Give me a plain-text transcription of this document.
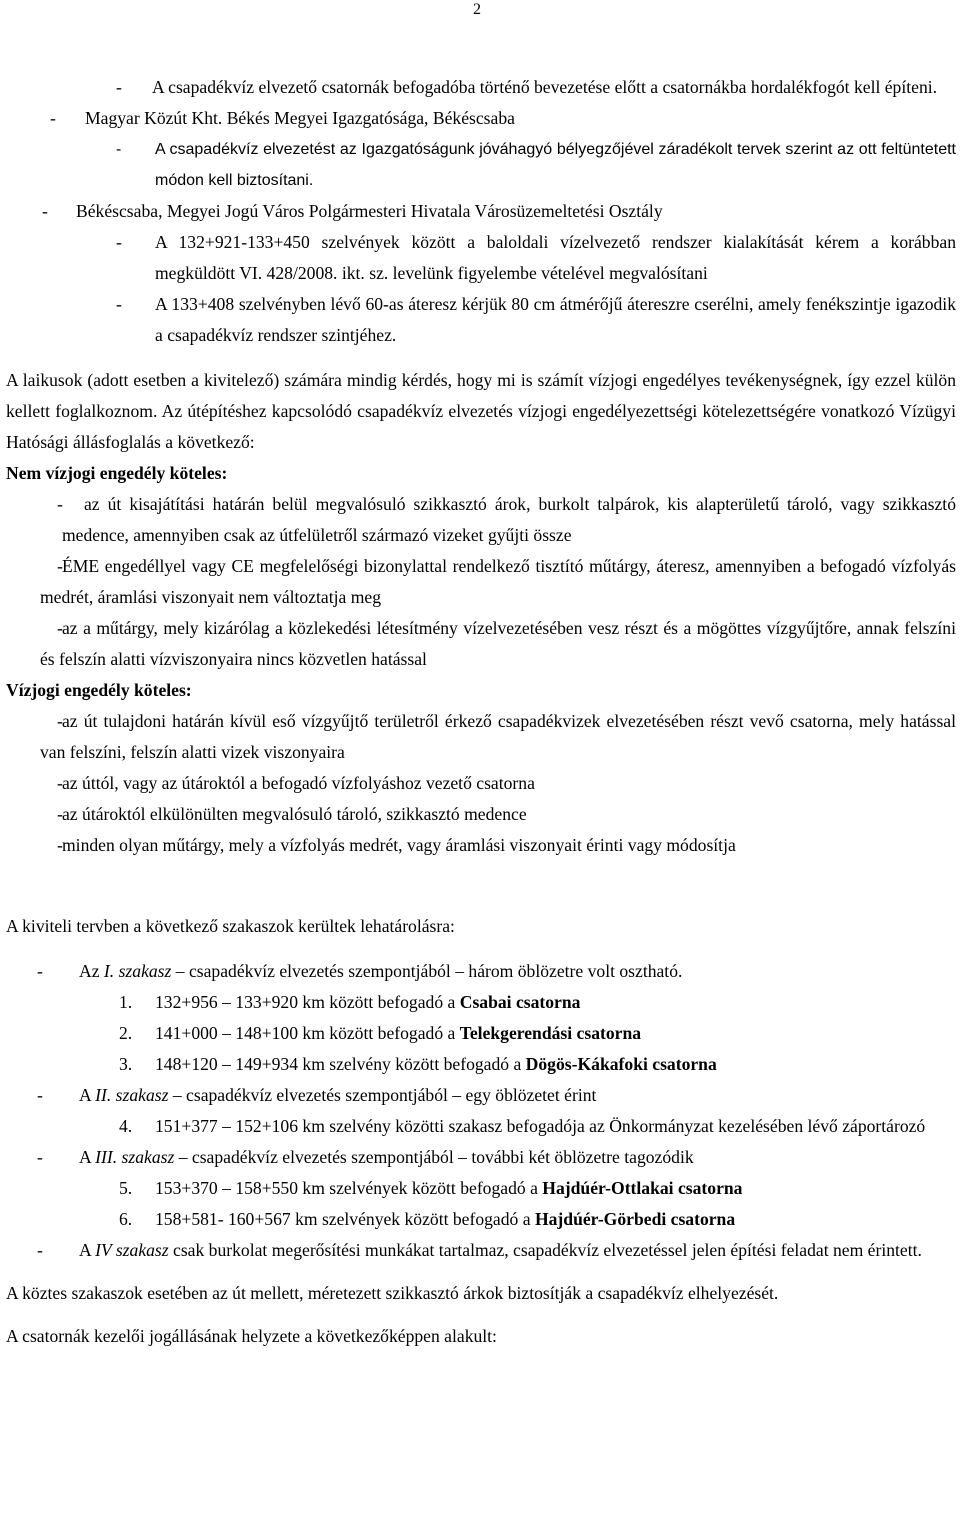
2
- A csapadékvíz elvezető csatornák befogadóba történő bevezetése előtt a csatornákba hordalékfogót kell építeni.
- Magyar Közút Kht. Békés Megyei Igazgatósága, Békéscsaba
- A csapadékvíz elvezetést az Igazgatóságunk jóváhagyó bélyegzőjével záradékolt tervek szerint az ott feltüntetett módon kell biztosítani.
- Békéscsaba, Megyei Jogú Város Polgármesteri Hivatala Városüzemeltetési Osztály
- A 132+921-133+450 szelvények között a baloldali vízelvezető rendszer kialakítását kérem a korábban megküldött VI. 428/2008. ikt. sz. levelünk figyelembe vételével megvalósítani
- A 133+408 szelvényben lévő 60-as áteresz kérjük 80 cm átmérőjű átereszre cserélni, amely fenékszintje igazodik a csapadékvíz rendszer szintjéhez.

A laikusok (adott esetben a kivitelező) számára mindig kérdés, hogy mi is számít vízjogi engedélyes tevékenységnek, így ezzel külön kellett foglalkoznom. Az útépítéshez kapcsolódó csapadékvíz elvezetés vízjogi engedélyezettségi kötelezettségére vonatkozó Vízügyi Hatósági állásfoglalás a következő:

Nem vízjogi engedély köteles:
-	az út kisajátítási határán belül megvalósuló szikkasztó árok, burkolt talpárok, kis alapterületű tároló, vagy szikkasztó medence, amennyiben csak az útfelületről származó vizeket gyűjti össze
- ÉME engedéllyel vagy CE megfelelőségi bizonylattal rendelkező tisztító műtárgy, áteresz, amennyiben a befogadó vízfolyás medrét, áramlási viszonyait nem változtatja meg
- az a műtárgy, mely kizárólag a közlekedési létesítmény vízelvezetésében vesz részt és a mögöttes vízgyűjtőre, annak felszíni és felszín alatti vízviszonyaira nincs közvetlen hatással
Vízjogi engedély köteles:
- az út tulajdoni határán kívül eső vízgyűjtő területről érkező csapadékvizek elvezetésében részt vevő csatorna, mely hatással van felszíni, felszín alatti vizek viszonyaira
- az úttól, vagy az útároktól a befogadó vízfolyáshoz vezető csatorna
- az útároktól elkülönülten megvalósuló tároló, szikkasztó medence
- minden olyan műtárgy, mely a vízfolyás medrét, vagy áramlási viszonyait érinti vagy módosítja

A kiviteli tervben a következő szakaszok kerültek lehatárolásra:

- Az I. szakasz – csapadékvíz elvezetés szempontjából – három öblözetre volt osztható.
1. 132+956 – 133+920 km között befogadó a Csabai csatorna
2. 141+000 – 148+100 km között befogadó a Telekgerendási csatorna
3. 148+120 – 149+934 km szelvény között befogadó a Dögös-Kákafoki csatorna
- A II. szakasz – csapadékvíz elvezetés szempontjából – egy öblözetet érint
4. 151+377 – 152+106 km szelvény közötti szakasz befogadója az Önkormányzat kezelésében lévő záportározó
- A III. szakasz – csapadékvíz elvezetés szempontjából – további két öblözetre tagozódik
5. 153+370 – 158+550 km szelvények között befogadó a Hajdúér-Ottlakai csatorna
6. 158+581- 160+567 km szelvények között befogadó a Hajdúér-Görbedi csatorna
- A IV szakasz csak burkolat megerősítési munkákat tartalmaz, csapadékvíz elvezetéssel jelen építési feladat nem érintett.

A köztes szakaszok esetében az út mellett, méretezett szikkasztó árkok biztosítják a csapadékvíz elhelyezését.

A csatornák kezelői jogállásának helyzete a következőképpen alakult:
